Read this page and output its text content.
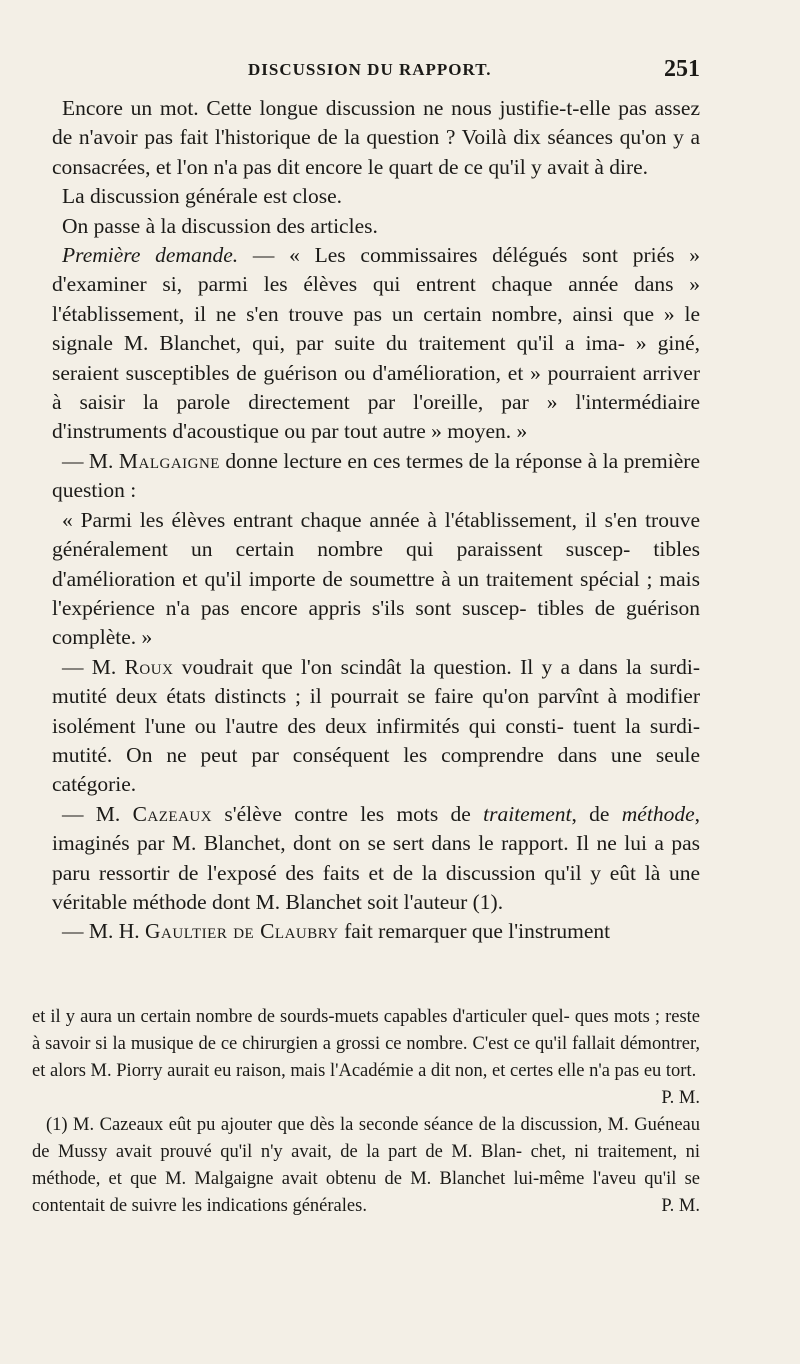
DISCUSSION DU RAPPORT.	251

Encore un mot. Cette longue discussion ne nous justifie-t-elle pas assez de n'avoir pas fait l'historique de la question ? Voilà dix séances qu'on y a consacrées, et l'on n'a pas dit encore le quart de ce qu'il y avait à dire.

La discussion générale est close.

On passe à la discussion des articles.

Première demande. — « Les commissaires délégués sont priés » d'examiner si, parmi les élèves qui entrent chaque année dans » l'établissement, il ne s'en trouve pas un certain nombre, ainsi que » le signale M. Blanchet, qui, par suite du traitement qu'il a ima- » giné, seraient susceptibles de guérison ou d'amélioration, et » pourraient arriver à saisir la parole directement par l'oreille, par » l'intermédiaire d'instruments d'acoustique ou par tout autre » moyen. »

— M. Malgaigne donne lecture en ces termes de la réponse à la première question :

« Parmi les élèves entrant chaque année à l'établissement, il s'en trouve généralement un certain nombre qui paraissent suscep- tibles d'amélioration et qu'il importe de soumettre à un traitement spécial ; mais l'expérience n'a pas encore appris s'ils sont suscep- tibles de guérison complète. »

— M. Roux voudrait que l'on scindât la question. Il y a dans la surdi-mutité deux états distincts ; il pourrait se faire qu'on parvînt à modifier isolément l'une ou l'autre des deux infirmités qui consti- tuent la surdi-mutité. On ne peut par conséquent les comprendre dans une seule catégorie.

— M. Cazeaux s'élève contre les mots de traitement, de méthode, imaginés par M. Blanchet, dont on se sert dans le rapport. Il ne lui a pas paru ressortir de l'exposé des faits et de la discussion qu'il y eût là une véritable méthode dont M. Blanchet soit l'auteur (1).

— M. H. Gaultier de Claubry fait remarquer que l'instrument

et il y aura un certain nombre de sourds-muets capables d'articuler quel- ques mots ; reste à savoir si la musique de ce chirurgien a grossi ce nombre. C'est ce qu'il fallait démontrer, et alors M. Piorry aurait eu raison, mais l'Académie a dit non, et certes elle n'a pas eu tort.
P. M.

(1) M. Cazeaux eût pu ajouter que dès la seconde séance de la discussion, M. Guéneau de Mussy avait prouvé qu'il n'y avait, de la part de M. Blan- chet, ni traitement, ni méthode, et que M. Malgaigne avait obtenu de M. Blanchet lui-même l'aveu qu'il se contentait de suivre les indications générales.	P. M.
